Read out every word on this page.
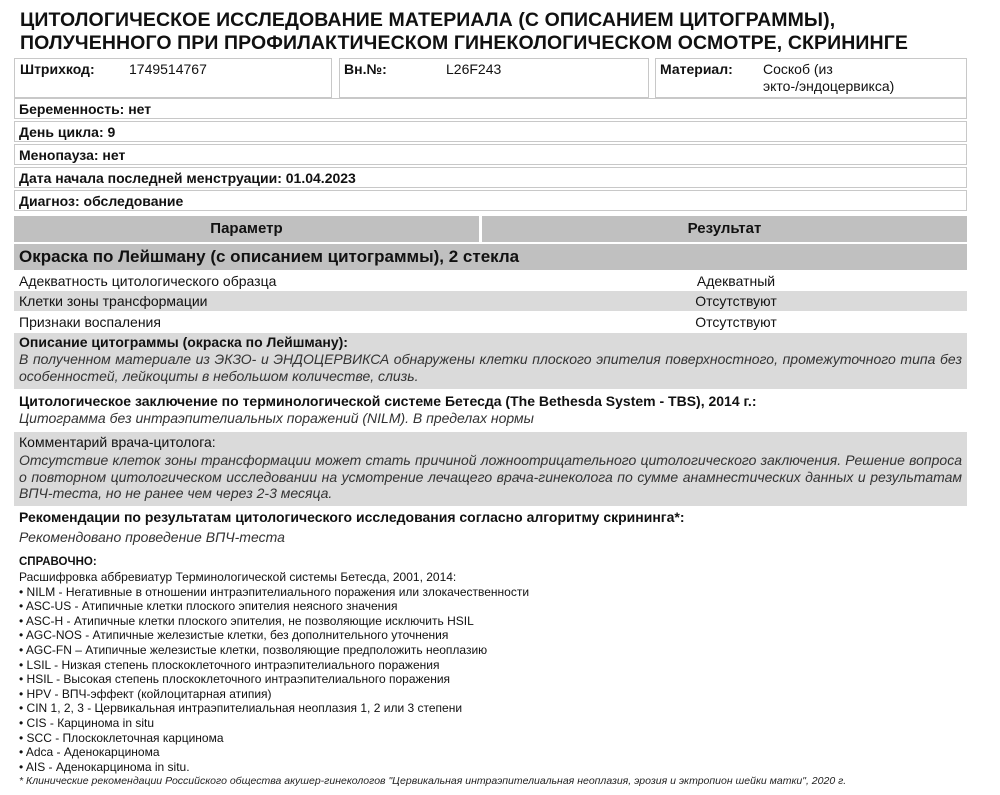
ЦИТОЛОГИЧЕСКОЕ ИССЛЕДОВАНИЕ МАТЕРИАЛА (С ОПИСАНИЕМ ЦИТОГРАММЫ),
ПОЛУЧЕННОГО ПРИ ПРОФИЛАКТИЧЕСКОМ ГИНЕКОЛОГИЧЕСКОМ ОСМОТРЕ, СКРИНИНГЕ
Штрихкод: 1749514767	Вн.№:	L26F243	Материал: Соскоб (из
экто-/эндоцервикса)
Беременность: нет
День цикла: 9
Менопауза: нет
Дата начала последней менструации: 01.04.2023
Диагноз: обследование
Параметр	Результат
Окраска по Лейшману (с описанием цитограммы), 2 стекла
Адекватность цитологического образца	Адекватный
Клетки зоны трансформации	Отсутствуют
Признаки воспаления	Отсутствуют
Описание цитограммы (окраска по Лейшману):
В полученном материале из ЭКЗО- и ЭНДОЦЕРВИКСА обнаружены клетки плоского эпителия поверхностного, промежуточного типа без особенностей, лейкоциты в небольшом количестве, слизь.
Цитологическое заключение по терминологической системе Бетесда (The Bethesda System - TBS), 2014 г.:
Цитограмма без интраэпителиальных поражений (NILM). В пределах нормы
Комментарий врача-цитолога:
Отсутствие клеток зоны трансформации может стать причиной ложноотрицательного цитологического заключения. Решение вопроса о повторном цитологическом исследовании на усмотрение лечащего врача-гинеколога по сумме анамнестических данных и результатам ВПЧ-теста, но не ранее чем через 2-3 месяца.
Рекомендации по результатам цитологического исследования согласно алгоритму скрининга*:
Рекомендовано проведение ВПЧ-теста
СПРАВОЧНО:
Расшифровка аббревиатур Терминологической системы Бетесда, 2001, 2014:
• NILM - Негативные в отношении интраэпителиального поражения или злокачественности
• ASC-US - Атипичные клетки плоского эпителия неясного значения
• ASC-H - Атипичные клетки плоского эпителия, не позволяющие исключить HSIL
• AGC-NOS - Атипичные железистые клетки, без дополнительного уточнения
• AGC-FN – Атипичные железистые клетки, позволяющие предположить неоплазию
• LSIL - Низкая степень плоскоклеточного интраэпителиального поражения
• HSIL - Высокая степень плоскоклеточного интраэпителиального поражения
• HPV - ВПЧ-эффект (койлоцитарная атипия)
• CIN 1, 2, 3 - Цервикальная интраэпителиальная неоплазия 1, 2 или 3 степени
• CIS - Карцинома in situ
• SCC - Плоскоклеточная карцинома
• Adca - Аденокарцинома
• AIS - Аденокарцинома in situ.
* Клинические рекомендации Российского общества акушер-гинекологов "Цервикальная интраэпителиальная неоплазия, эрозия и эктропион шейки матки", 2020 г.
